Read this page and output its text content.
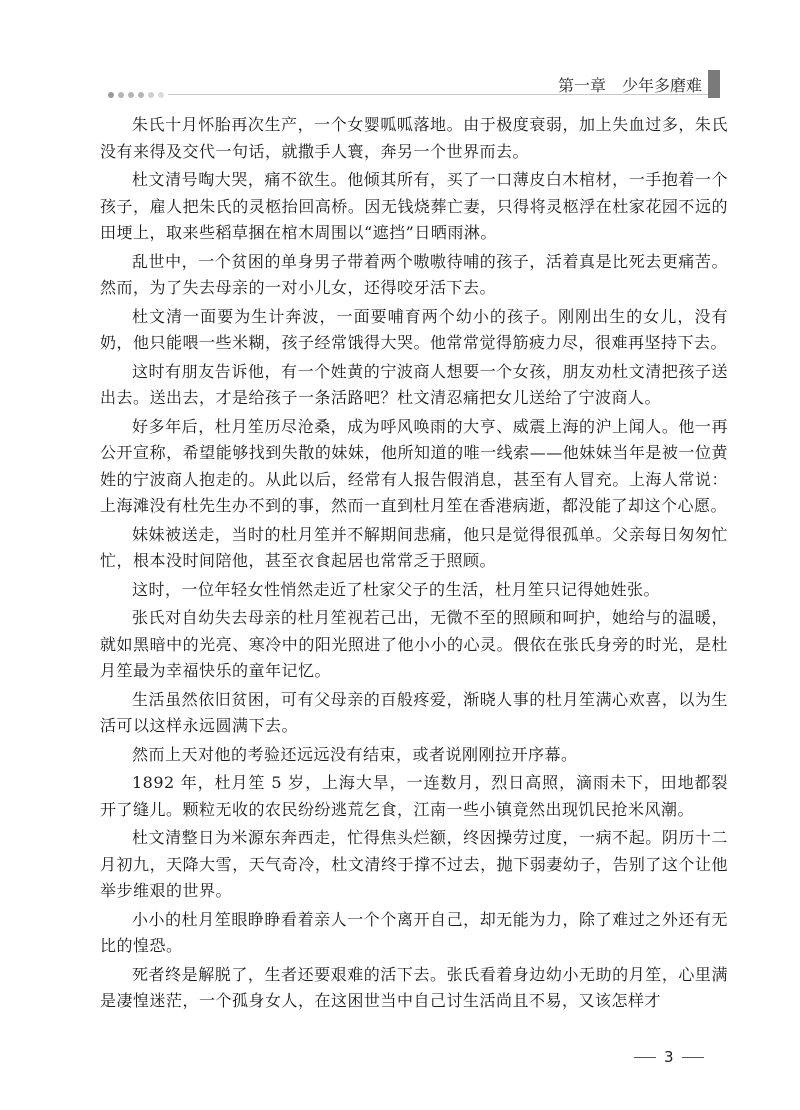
第一章　少年多磨难

朱氏十月怀胎再次生产，一个女婴呱呱落地。由于极度衰弱，加上失血过多，朱氏没有来得及交代一句话，就撒手人寰，奔另一个世界而去。

杜文清号啕大哭，痛不欲生。他倾其所有，买了一口薄皮白木棺材，一手抱着一个孩子，雇人把朱氏的灵柩抬回高桥。因无钱烧葬亡妻，只得将灵柩浮在杜家花园不远的田埂上，取来些稻草捆在棺木周围以“遮挡”日晒雨淋。

乱世中，一个贫困的单身男子带着两个嗷嗷待哺的孩子，活着真是比死去更痛苦。然而，为了失去母亲的一对小儿女，还得咬牙活下去。

杜文清一面要为生计奔波，一面要哺育两个幼小的孩子。刚刚出生的女儿，没有奶，他只能喂一些米糊，孩子经常饿得大哭。他常常觉得筋疲力尽，很难再坚持下去。

这时有朋友告诉他，有一个姓黄的宁波商人想要一个女孩，朋友劝杜文清把孩子送出去。送出去，才是给孩子一条活路吧？杜文清忍痛把女儿送给了宁波商人。

好多年后，杜月笙历尽沧桑，成为呼风唤雨的大亨、威震上海的沪上闻人。他一再公开宣称，希望能够找到失散的妹妹，他所知道的唯一线索——他妹妹当年是被一位黄姓的宁波商人抱走的。从此以后，经常有人报告假消息，甚至有人冒充。上海人常说：上海滩没有杜先生办不到的事，然而一直到杜月笙在香港病逝，都没能了却这个心愿。

妹妹被送走，当时的杜月笙并不解期间悲痛，他只是觉得很孤单。父亲每日匆匆忙忙，根本没时间陪他，甚至衣食起居也常常乏于照顾。

这时，一位年轻女性悄然走近了杜家父子的生活，杜月笙只记得她姓张。

张氏对自幼失去母亲的杜月笙视若己出，无微不至的照顾和呵护，她给与的温暖，就如黑暗中的光亮、寒冷中的阳光照进了他小小的心灵。偎依在张氏身旁的时光，是杜月笙最为幸福快乐的童年记忆。

生活虽然依旧贫困，可有父母亲的百般疼爱，渐晓人事的杜月笙满心欢喜，以为生活可以这样永远圆满下去。

然而上天对他的考验还远远没有结束，或者说刚刚拉开序幕。

1892 年，杜月笙 5 岁，上海大旱，一连数月，烈日高照，滴雨未下，田地都裂开了缝儿。颗粒无收的农民纷纷逃荒乞食，江南一些小镇竟然出现饥民抢米风潮。

杜文清整日为米源东奔西走，忙得焦头烂额，终因操劳过度，一病不起。阴历十二月初九，天降大雪，天气奇冷，杜文清终于撑不过去，抛下弱妻幼子，告别了这个让他举步维艰的世界。

小小的杜月笙眼睁睁看着亲人一个个离开自己，却无能为力，除了难过之外还有无比的惶恐。

死者终是解脱了，生者还要艰难的活下去。张氏看着身边幼小无助的月笙，心里满是凄惶迷茫，一个孤身女人，在这困世当中自己讨生活尚且不易，又该怎样才

3
